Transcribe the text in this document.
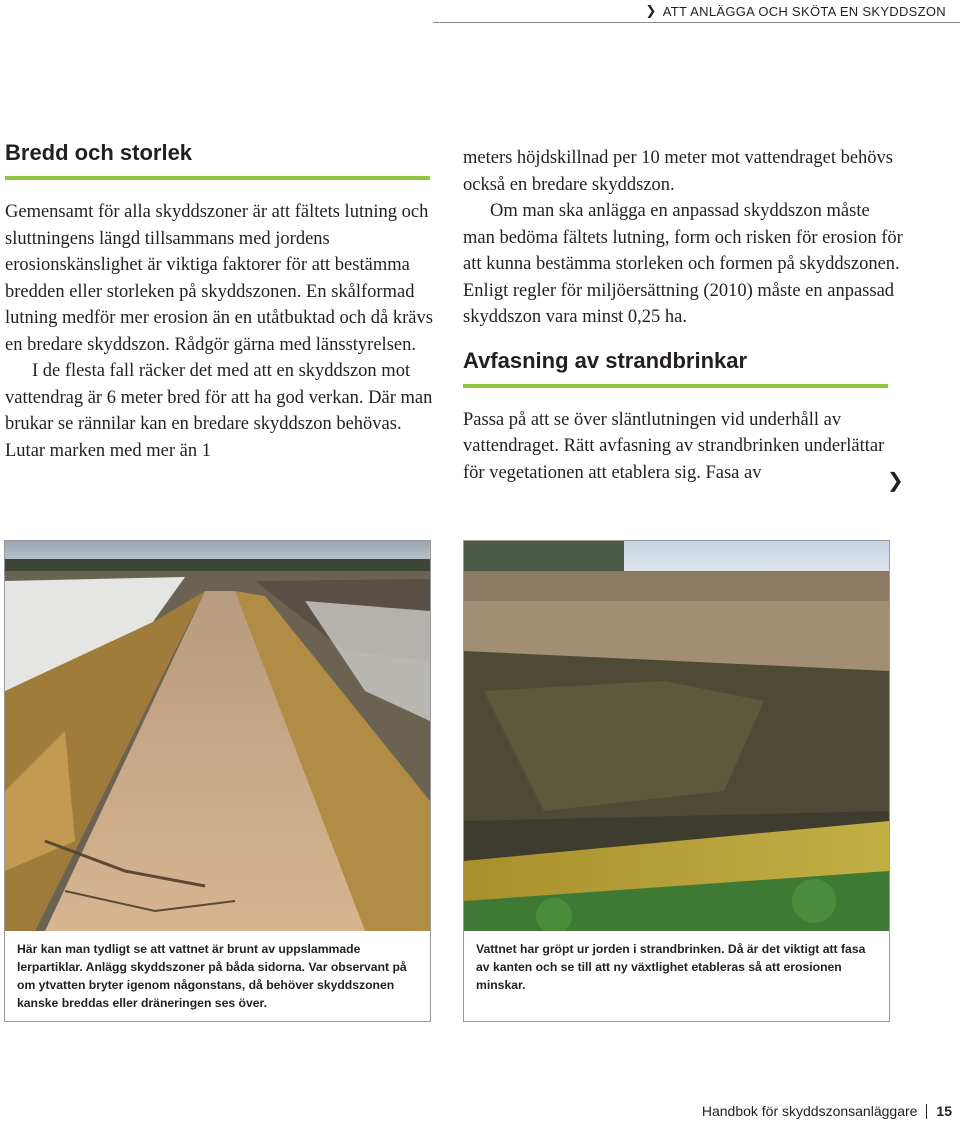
❯ ATT ANLÄGGA OCH SKÖTA EN SKYDDSZON
Bredd och storlek

Gemensamt för alla skyddszoner är att fältets lutning och sluttningens längd tillsammans med jordens erosionskänslighet är viktiga faktorer för att bestämma bredden eller storleken på skyddszonen. En skålformad lutning medför mer erosion än en utåtbuktad och då krävs en bredare skyddszon. Rådgör gärna med länsstyrelsen.

I de flesta fall räcker det med att en skyddszon mot vattendrag är 6 meter bred för att ha god verkan. Där man brukar se rännilar kan en bredare skyddszon behövas. Lutar marken med mer än 1

meters höjdskillnad per 10 meter mot vattendraget behövs också en bredare skyddszon.

Om man ska anlägga en anpassad skyddszon måste man bedöma fältets lutning, form och risken för erosion för att kunna bestämma storleken och formen på skyddszonen. Enligt regler för miljöersättning (2010) måste en anpassad skyddszon vara minst 0,25 ha.

Avfasning av strandbrinkar

Passa på att se över släntlutningen vid underhåll av vattendraget. Rätt avfasning av strandbrinken underlättar för vegetationen att etablera sig. Fasa av	❯
Här kan man tydligt se att vattnet är brunt av uppslammade lerpartiklar. Anlägg skyddszoner på båda sidorna. Var observant på om ytvatten bryter igenom någonstans, då behöver skyddszonen kanske breddas eller dräneringen ses över.
Vattnet har gröpt ur jorden i strandbrinken. Då är det viktigt att fasa av kanten och se till att ny växtlighet etableras så att erosionen minskar.
Handbok för skyddszonsanläggare 15
